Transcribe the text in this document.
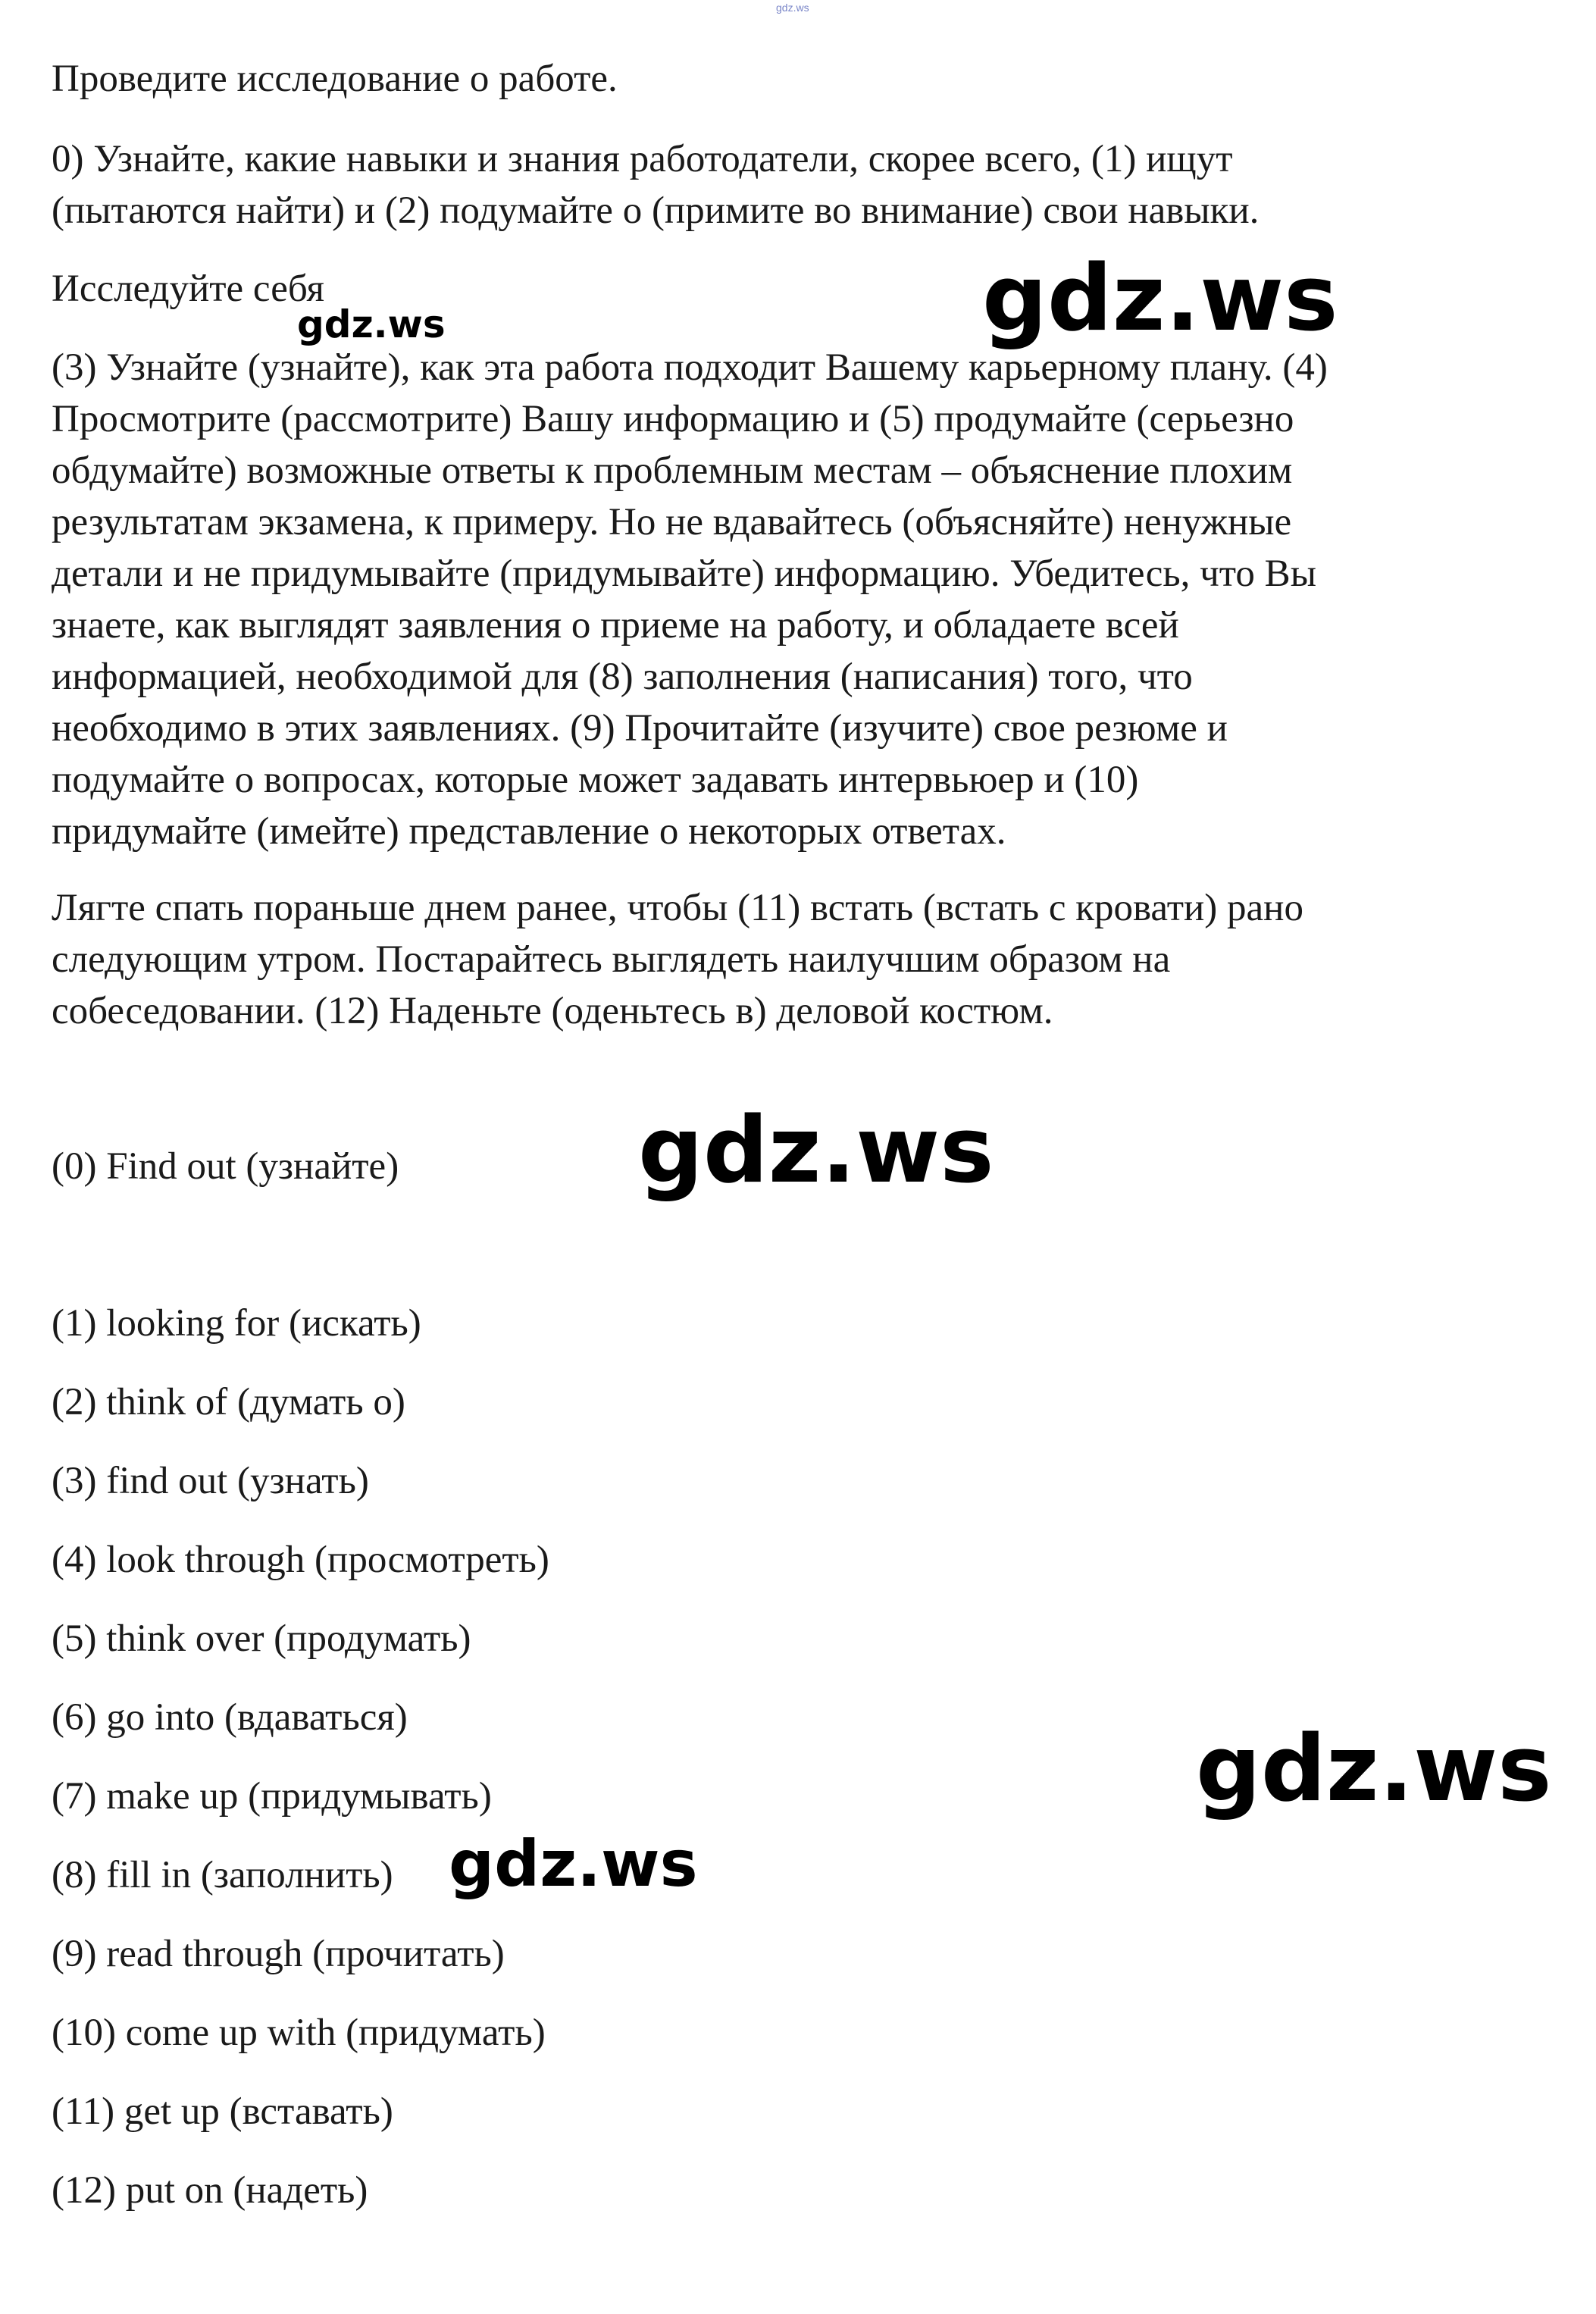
gdz.ws

Проведите исследование о работе.

0) Узнайте, какие навыки и знания работодатели, скорее всего, (1) ищут
(пытаются найти) и (2) подумайте о (примите во внимание) свои навыки.

Исследуйте себя

(3) Узнайте (узнайте), как эта работа подходит Вашему карьерному плану. (4)
Просмотрите (рассмотрите) Вашу информацию и (5) продумайте (серьезно
обдумайте) возможные ответы к проблемным местам – объяснение плохим
результатам экзамена, к примеру. Но не вдавайтесь (объясняйте) ненужные
детали и не придумывайте (придумывайте) информацию. Убедитесь, что Вы
знаете, как выглядят заявления о приеме на работу, и обладаете всей
информацией, необходимой для (8) заполнения (написания) того, что
необходимо в этих заявлениях. (9) Прочитайте (изучите) свое резюме и
подумайте о вопросах, которые может задавать интервьюер и (10)
придумайте (имейте) представление о некоторых ответах.

Лягте спать пораньше днем ранее, чтобы (11) встать (встать с кровати) рано
следующим утром. Постарайтесь выглядеть наилучшим образом на
собеседовании. (12) Наденьте (оденьтесь в) деловой костюм.

(0) Find out (узнайте)

(1) looking for (искать)

(2) think of (думать о)

(3) find out (узнать)

(4) look through (просмотреть)

(5) think over (продумать)

(6) go into (вдаваться)

(7) make up (придумывать)

(8) fill in (заполнить)

(9) read through (прочитать)

(10) come up with (придумать)

(11) get up (вставать)

(12) put on (надеть)

gdz.ws
gdz.ws
gdz.ws
gdz.ws
gdz.ws
